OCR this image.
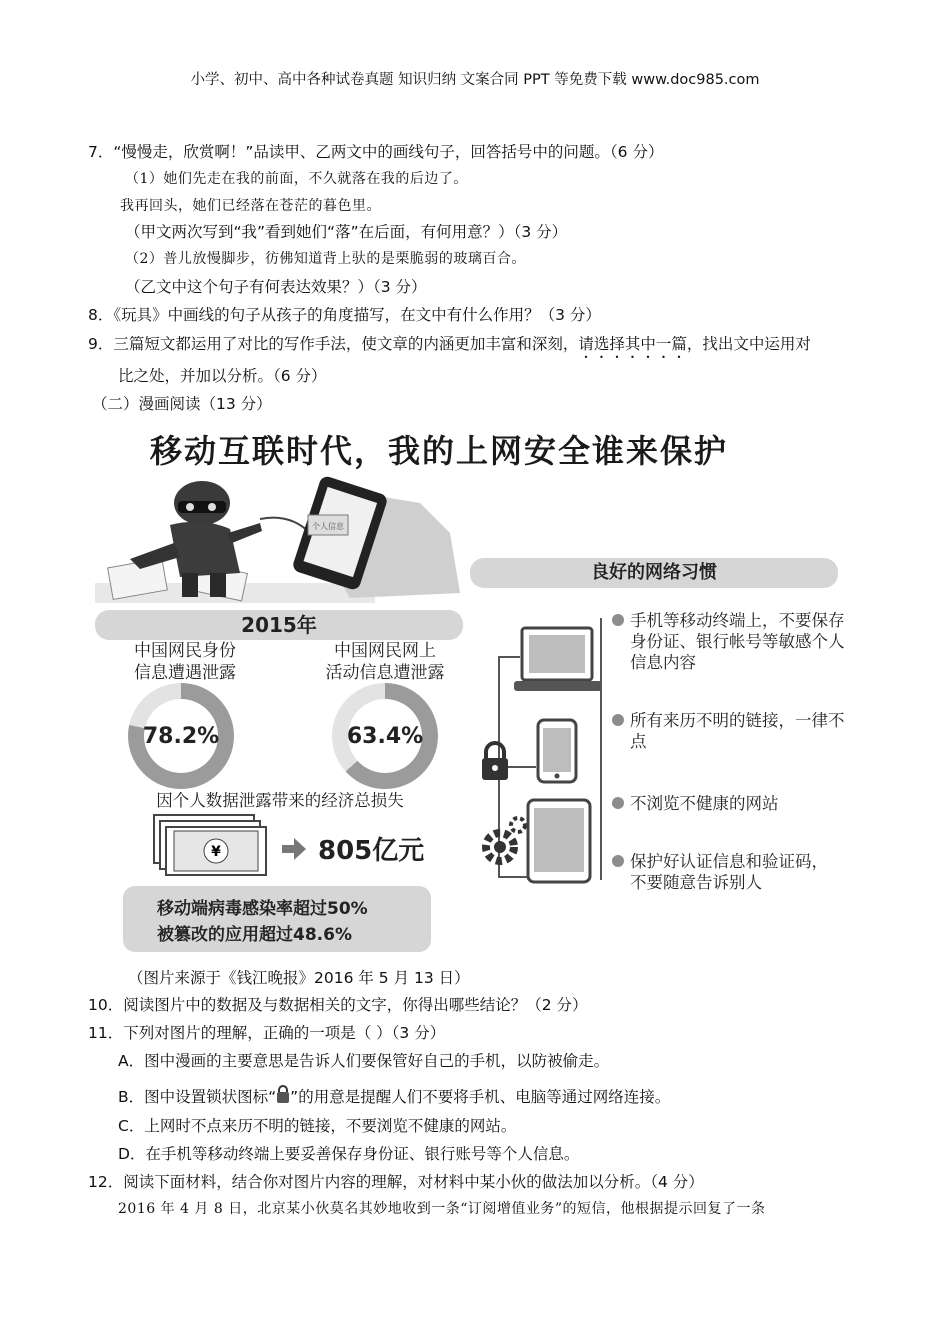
小学、初中、高中各种试卷真题 知识归纳 文案合同 PPT 等免费下载 www.doc985.com
7．“慢慢走，欣赏啊！”品读甲、乙两文中的画线句子，回答括号中的问题。（6 分）
（1）她们先走在我的前面，不久就落在我的后边了。
我再回头，她们已经落在苍茫的暮色里。
（甲文两次写到“我”看到她们“落”在后面，有何用意？）（3 分）
（2）普儿放慢脚步，彷佛知道背上驮的是栗脆弱的玻璃百合。
（乙文中这个句子有何表达效果？）（3 分）
8．《玩具》中画线的句子从孩子的角度描写，在文中有什么作用？（3 分）
9．三篇短文都运用了对比的写作手法，使文章的内涵更加丰富和深刻，请选择其中一篇，找出文中运用对
比之处，并加以分析。（6 分）
（二）漫画阅读（13 分）
移动互联时代，我的上网安全谁来保护
个人信息
2015年
中国网民身份
信息遭遇泄露
中国网民网上
活动信息遭泄露
78.2%	63.4%
因个人数据泄露带来的经济总损失
¥	805亿元
移动端病毒感染率超过50%
被篡改的应用超过48.6%
良好的网络习惯
手机等移动终端上，不要保存身份证、银行帐号等敏感个人信息内容
所有来历不明的链接，一律不点
不浏览不健康的网站
保护好认证信息和验证码，不要随意告诉别人
（图片来源于《钱江晚报》2016 年 5 月 13 日）
10．阅读图片中的数据及与数据相关的文字，你得出哪些结论？（2 分）
11．下列对图片的理解，正确的一项是（ ）（3 分）
A．图中漫画的主要意思是告诉人们要保管好自己的手机，以防被偷走。
B．图中设置锁状图标“ ”的用意是提醒人们不要将手机、电脑等通过网络连接。
C．上网时不点来历不明的链接，不要浏览不健康的网站。
D．在手机等移动终端上要妥善保存身份证、银行账号等个人信息。
12．阅读下面材料，结合你对图片内容的理解，对材料中某小伙的做法加以分析。（4 分）
2016 年 4 月 8 日，北京某小伙莫名其妙地收到一条“订阅增值业务”的短信，他根据提示回复了一条
